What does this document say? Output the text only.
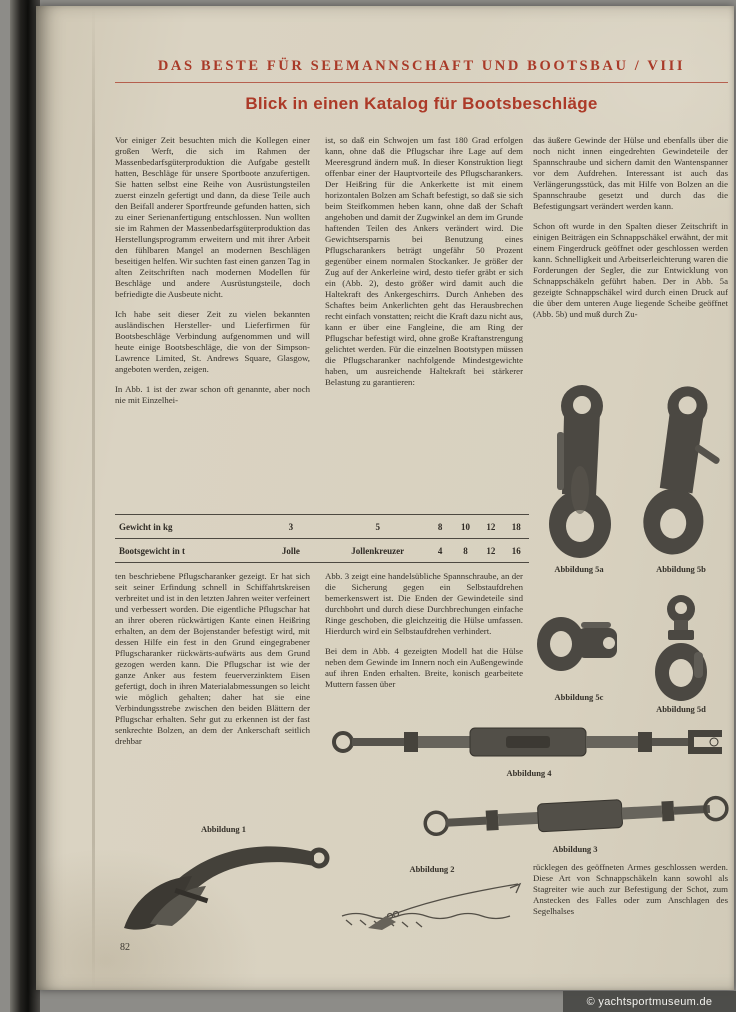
DAS BESTE FÜR SEEMANNSCHAFT UND BOOTSBAU / VIII
Blick in einen Katalog für Bootsbeschläge

Vor einiger Zeit besuchten mich die Kollegen einer großen Werft, die sich im Rahmen der Massenbedarfsgüterproduktion die Aufgabe gestellt hatten, Beschläge für unsere Sportboote anzufertigen. Sie hatten selbst eine Reihe von Ausrüstungsteilen zuerst einzeln gefertigt und dann, da diese Teile auch den Beifall anderer Sportfreunde gefunden hatten, sich zu einer Serienanfertigung entschlossen. Nun wollten sie im Rahmen der Massenbedarfsgüterproduktion das Herstellungsprogramm erweitern und mit ihrer Arbeit den fühlbaren Mangel an modernen Beschlägen beseitigen helfen. Wir suchten fast einen ganzen Tag in alten Zeitschriften nach modernen Modellen für Beschläge und andere Ausrüstungsteile, doch befriedigte die Ausbeute nicht.

Ich habe seit dieser Zeit zu vielen bekannten ausländischen Hersteller- und Lieferfirmen für Bootsbeschläge Verbindung aufgenommen und will heute einige Bootsbeschläge, die von der Simpson-Lawrence Limited, St. Andrews Square, Glasgow, angeboten werden, zeigen.

In Abb. 1 ist der zwar schon oft genannte, aber noch nie mit Einzelhei-

ist, so daß ein Schwojen um fast 180 Grad erfolgen kann, ohne daß die Pflugschar ihre Lage auf dem Meeresgrund ändern muß. In dieser Konstruktion liegt offenbar einer der Hauptvorteile des Pflugscharankers. Der Heißring für die Ankerkette ist mit einem horizontalen Bolzen am Schaft befestigt, so daß sie sich beim Steifkommen heben kann, ohne daß der Schaft angehoben und damit der Zugwinkel an dem im Grunde haftenden Teilen des Ankers verändert wird. Die Gewichtsersparnis bei Benutzung eines Pflugscharankers beträgt ungefähr 50 Prozent gegenüber einem normalen Stockanker. Je größer der Zug auf der Ankerleine wird, desto tiefer gräbt er sich ein (Abb. 2), desto größer wird damit auch die Haltekraft des Ankergeschirrs. Durch Anheben des Schaftes beim Ankerlichten geht das Herausbrechen recht einfach vonstatten; reicht die Kraft dazu nicht aus, kann er über eine Fangleine, die am Ring der Pflugschar befestigt wird, ohne große Kraftanstrengung gelichtet werden. Für die einzelnen Bootstypen müssen die Pflugscharanker nachfolgende Mindestgewichte haben, um ausreichende Haltekraft bei stärkerer Belastung zu garantieren:

das äußere Gewinde der Hülse und ebenfalls über die noch nicht innen eingedrehten Gewindeteile der Spannschraube und sichern damit den Wantenspanner vor dem Aufdrehen. Interessant ist auch das Verlängerungsstück, das mit Hilfe von Bolzen an die Spannschraube gesetzt und durch das die Befestigungsart verändert werden kann.

Schon oft wurde in den Spalten dieser Zeitschrift in einigen Beiträgen ein Schnappschäkel erwähnt, der mit einem Fingerdruck geöffnet oder geschlossen werden kann. Schnelligkeit und Arbeitserleichterung waren die Forderungen der Segler, die zur Entwicklung von Schnappschäkeln geführt haben. Der in Abb. 5a gezeigte Schnappschäkel wird durch einen Druck auf die über dem unteren Auge liegende Scheibe geöffnet (Abb. 5b) und muß durch Zu-

Gewicht in kg	3	5	8	10	12	18
Bootsgewicht in t	Jolle	Jollenkreuzer	4	8	12	16

ten beschriebene Pflugscharanker gezeigt. Er hat sich seit seiner Erfindung schnell in Schiffahrtskreisen verbreitet und ist in den letzten Jahren weiter verfeinert und verbessert worden. Die eigentliche Pflugschar hat an ihrer oberen rückwärtigen Kante einen Heißring erhalten, an dem der Bojenstander befestigt wird, mit dessen Hilfe ein fest in den Grund eingegrabener Pflugscharanker rückwärts-aufwärts aus dem Grund gezogen werden kann. Die Pflugschar ist wie der ganze Anker aus festem feuerverzinktem Eisen gefertigt, doch in ihren Materialabmessungen so leicht wie möglich gehalten; daher hat sie eine Verbindungsstrebe zwischen den beiden Blättern der Pflugschar erhalten. Sehr gut zu erkennen ist der fast senkrechte Bolzen, an dem der Ankerschaft seitlich drehbar

Abb. 3 zeigt eine handelsübliche Spannschraube, an der die Sicherung gegen ein Selbstaufdrehen bemerkenswert ist. Die Enden der Gewindeteile sind durchbohrt und durch diese Durchbrechungen einfache Ringe geschoben, die gleichzeitig die Hülse umfassen. Hierdurch wird ein Selbstaufdrehen verhindert.

Bei dem in Abb. 4 gezeigten Modell hat die Hülse neben dem Gewinde im Innern noch ein Außengewinde auf ihren Enden erhalten. Breite, konisch gearbeitete Muttern fassen über

Abbildung 5a	Abbildung 5b
Abbildung 5c
Abbildung 5d
Abbildung 4
Abbildung 3
Abbildung 1
Abbildung 2	rücklegen des geöffneten Armes geschlossen werden. Diese Art von Schnappschäkeln kann sowohl als Stagreiter wie auch zur Befestigung der Schot, zum Anstecken des Falles oder zum Anschlagen des Segelhalses

82
© yachtsportmuseum.de
